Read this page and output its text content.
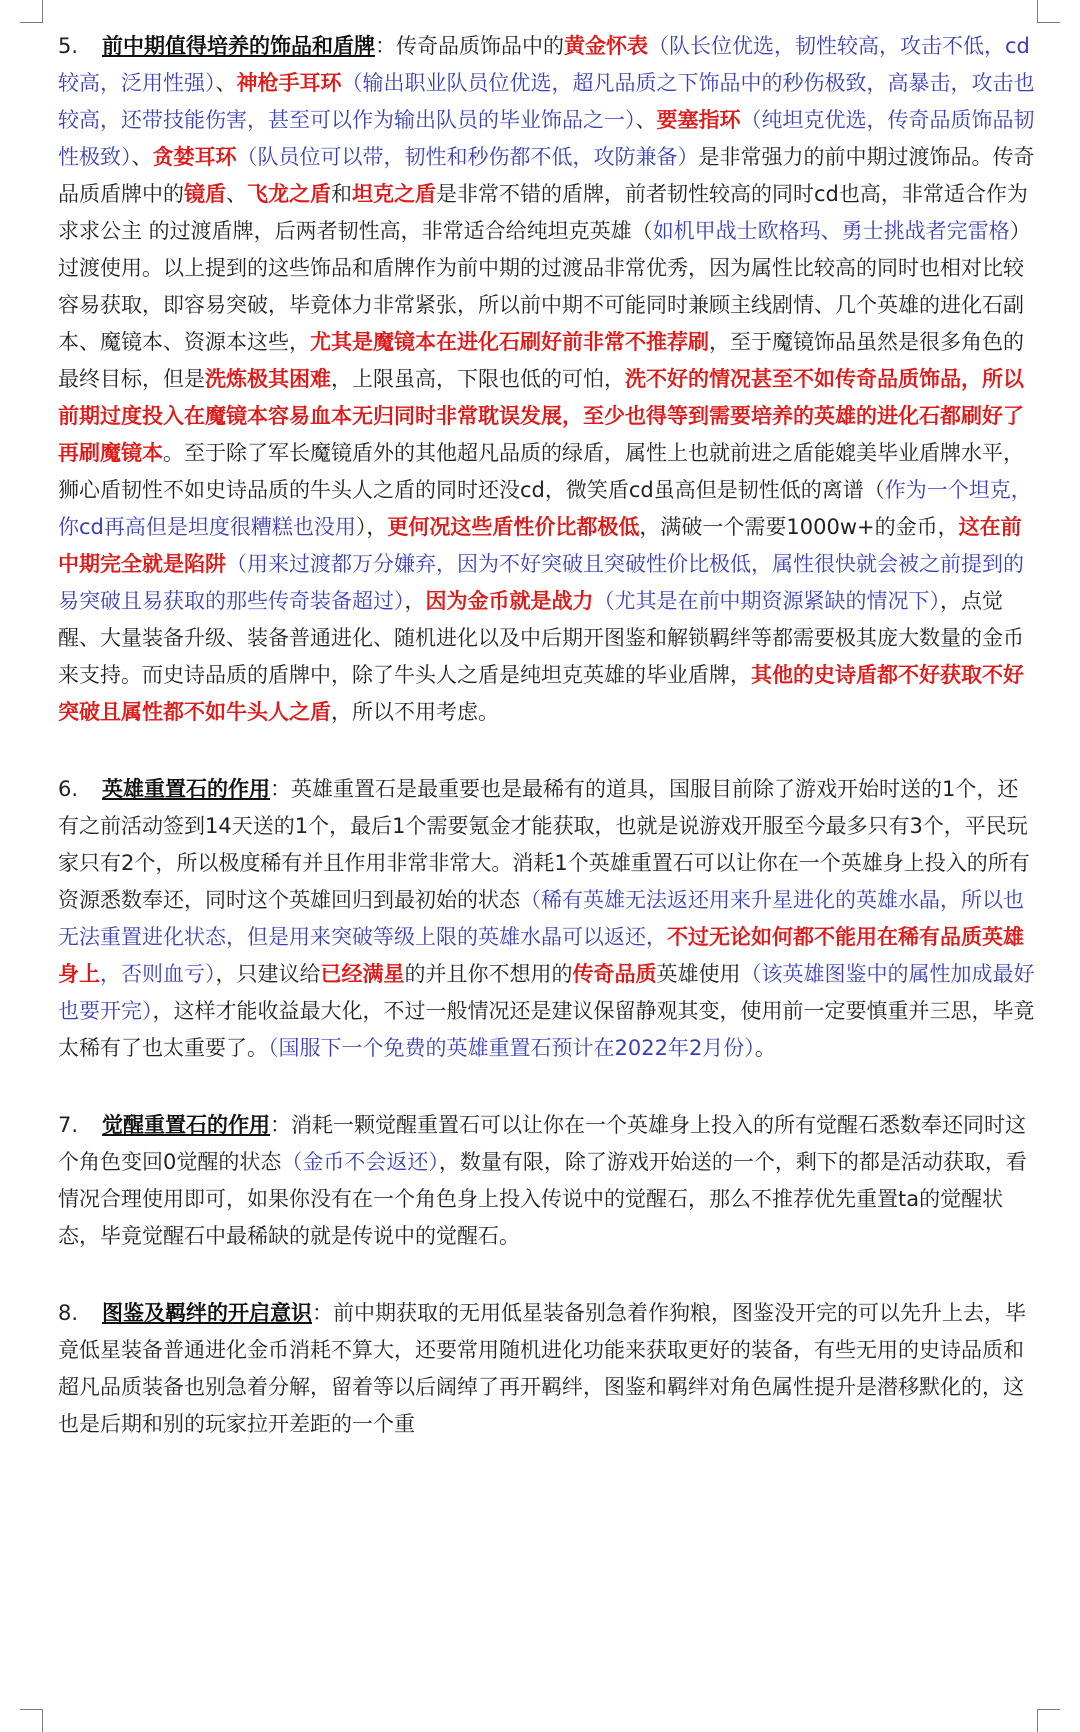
5. 前中期值得培养的饰品和盾牌：传奇品质饰品中的黄金怀表（队长位优选，韧性较高，攻击不低，cd较高，泛用性强）、神枪手耳环（输出职业队员位优选，超凡品质之下饰品中的秒伤极致，高暴击，攻击也较高，还带技能伤害，甚至可以作为输出队员的毕业饰品之一）、要塞指环（纯坦克优选，传奇品质饰品韧性极致）、贪婪耳环（队员位可以带，韧性和秒伤都不低，攻防兼备）是非常强力的前中期过渡饰品。传奇品质盾牌中的镜盾、飞龙之盾和坦克之盾是非常不错的盾牌，前者韧性较高的同时cd也高，非常适合作为求求公主 的过渡盾牌，后两者韧性高，非常适合给纯坦克英雄（如机甲战士欧格玛、勇士挑战者完雷格）过渡使用。以上提到的这些饰品和盾牌作为前中期的过渡品非常优秀，因为属性比较高的同时也相对比较容易获取，即容易突破，毕竟体力非常紧张，所以前中期不可能同时兼顾主线剧情、几个英雄的进化石副本、魔镜本、资源本这些，尤其是魔镜本在进化石刷好前非常不推荐刷，至于魔镜饰品虽然是很多角色的最终目标，但是洗炼极其困难，上限虽高，下限也低的可怕，洗不好的情况甚至不如传奇品质饰品，所以前期过度投入在魔镜本容易血本无归同时非常耽误发展，至少也得等到需要培养的英雄的进化石都刷好了再刷魔镜本。至于除了军长魔镜盾外的其他超凡品质的绿盾，属性上也就前进之盾能媲美毕业盾牌水平，狮心盾韧性不如史诗品质的牛头人之盾的同时还没cd，微笑盾cd虽高但是韧性低的离谱（作为一个坦克，你cd再高但是坦度很糟糕也没用），更何况这些盾性价比都极低，满破一个需要1000w+的金币，这在前中期完全就是陷阱（用来过渡都万分嫌弃，因为不好突破且突破性价比极低，属性很快就会被之前提到的易突破且易获取的那些传奇装备超过），因为金币就是战力（尤其是在前中期资源紧缺的情况下），点觉醒、大量装备升级、装备普通进化、随机进化以及中后期开图鉴和解锁羁绊等都需要极其庞大数量的金币来支持。而史诗品质的盾牌中，除了牛头人之盾是纯坦克英雄的毕业盾牌，其他的史诗盾都不好获取不好突破且属性都不如牛头人之盾，所以不用考虑。

6. 英雄重置石的作用：英雄重置石是最重要也是最稀有的道具，国服目前除了游戏开始时送的1个，还有之前活动签到14天送的1个，最后1个需要氪金才能获取，也就是说游戏开服至今最多只有3个，平民玩家只有2个，所以极度稀有并且作用非常非常大。消耗1个英雄重置石可以让你在一个英雄身上投入的所有资源悉数奉还，同时这个英雄回归到最初始的状态（稀有英雄无法返还用来升星进化的英雄水晶，所以也无法重置进化状态，但是用来突破等级上限的英雄水晶可以返还，不过无论如何都不能用在稀有品质英雄身上，否则血亏），只建议给已经满星的并且你不想用的传奇品质英雄使用（该英雄图鉴中的属性加成最好也要开完），这样才能收益最大化，不过一般情况还是建议保留静观其变，使用前一定要慎重并三思，毕竟太稀有了也太重要了。（国服下一个免费的英雄重置石预计在2022年2月份）。

7. 觉醒重置石的作用：消耗一颗觉醒重置石可以让你在一个英雄身上投入的所有觉醒石悉数奉还同时这个角色变回0觉醒的状态（金币不会返还），数量有限，除了游戏开始送的一个，剩下的都是活动获取，看情况合理使用即可，如果你没有在一个角色身上投入传说中的觉醒石，那么不推荐优先重置ta的觉醒状态，毕竟觉醒石中最稀缺的就是传说中的觉醒石。

8. 图鉴及羁绊的开启意识：前中期获取的无用低星装备别急着作狗粮，图鉴没开完的可以先升上去，毕竟低星装备普通进化金币消耗不算大，还要常用随机进化功能来获取更好的装备，有些无用的史诗品质和超凡品质装备也别急着分解，留着等以后阔绰了再开羁绊，图鉴和羁绊对角色属性提升是潜移默化的，这也是后期和别的玩家拉开差距的一个重
